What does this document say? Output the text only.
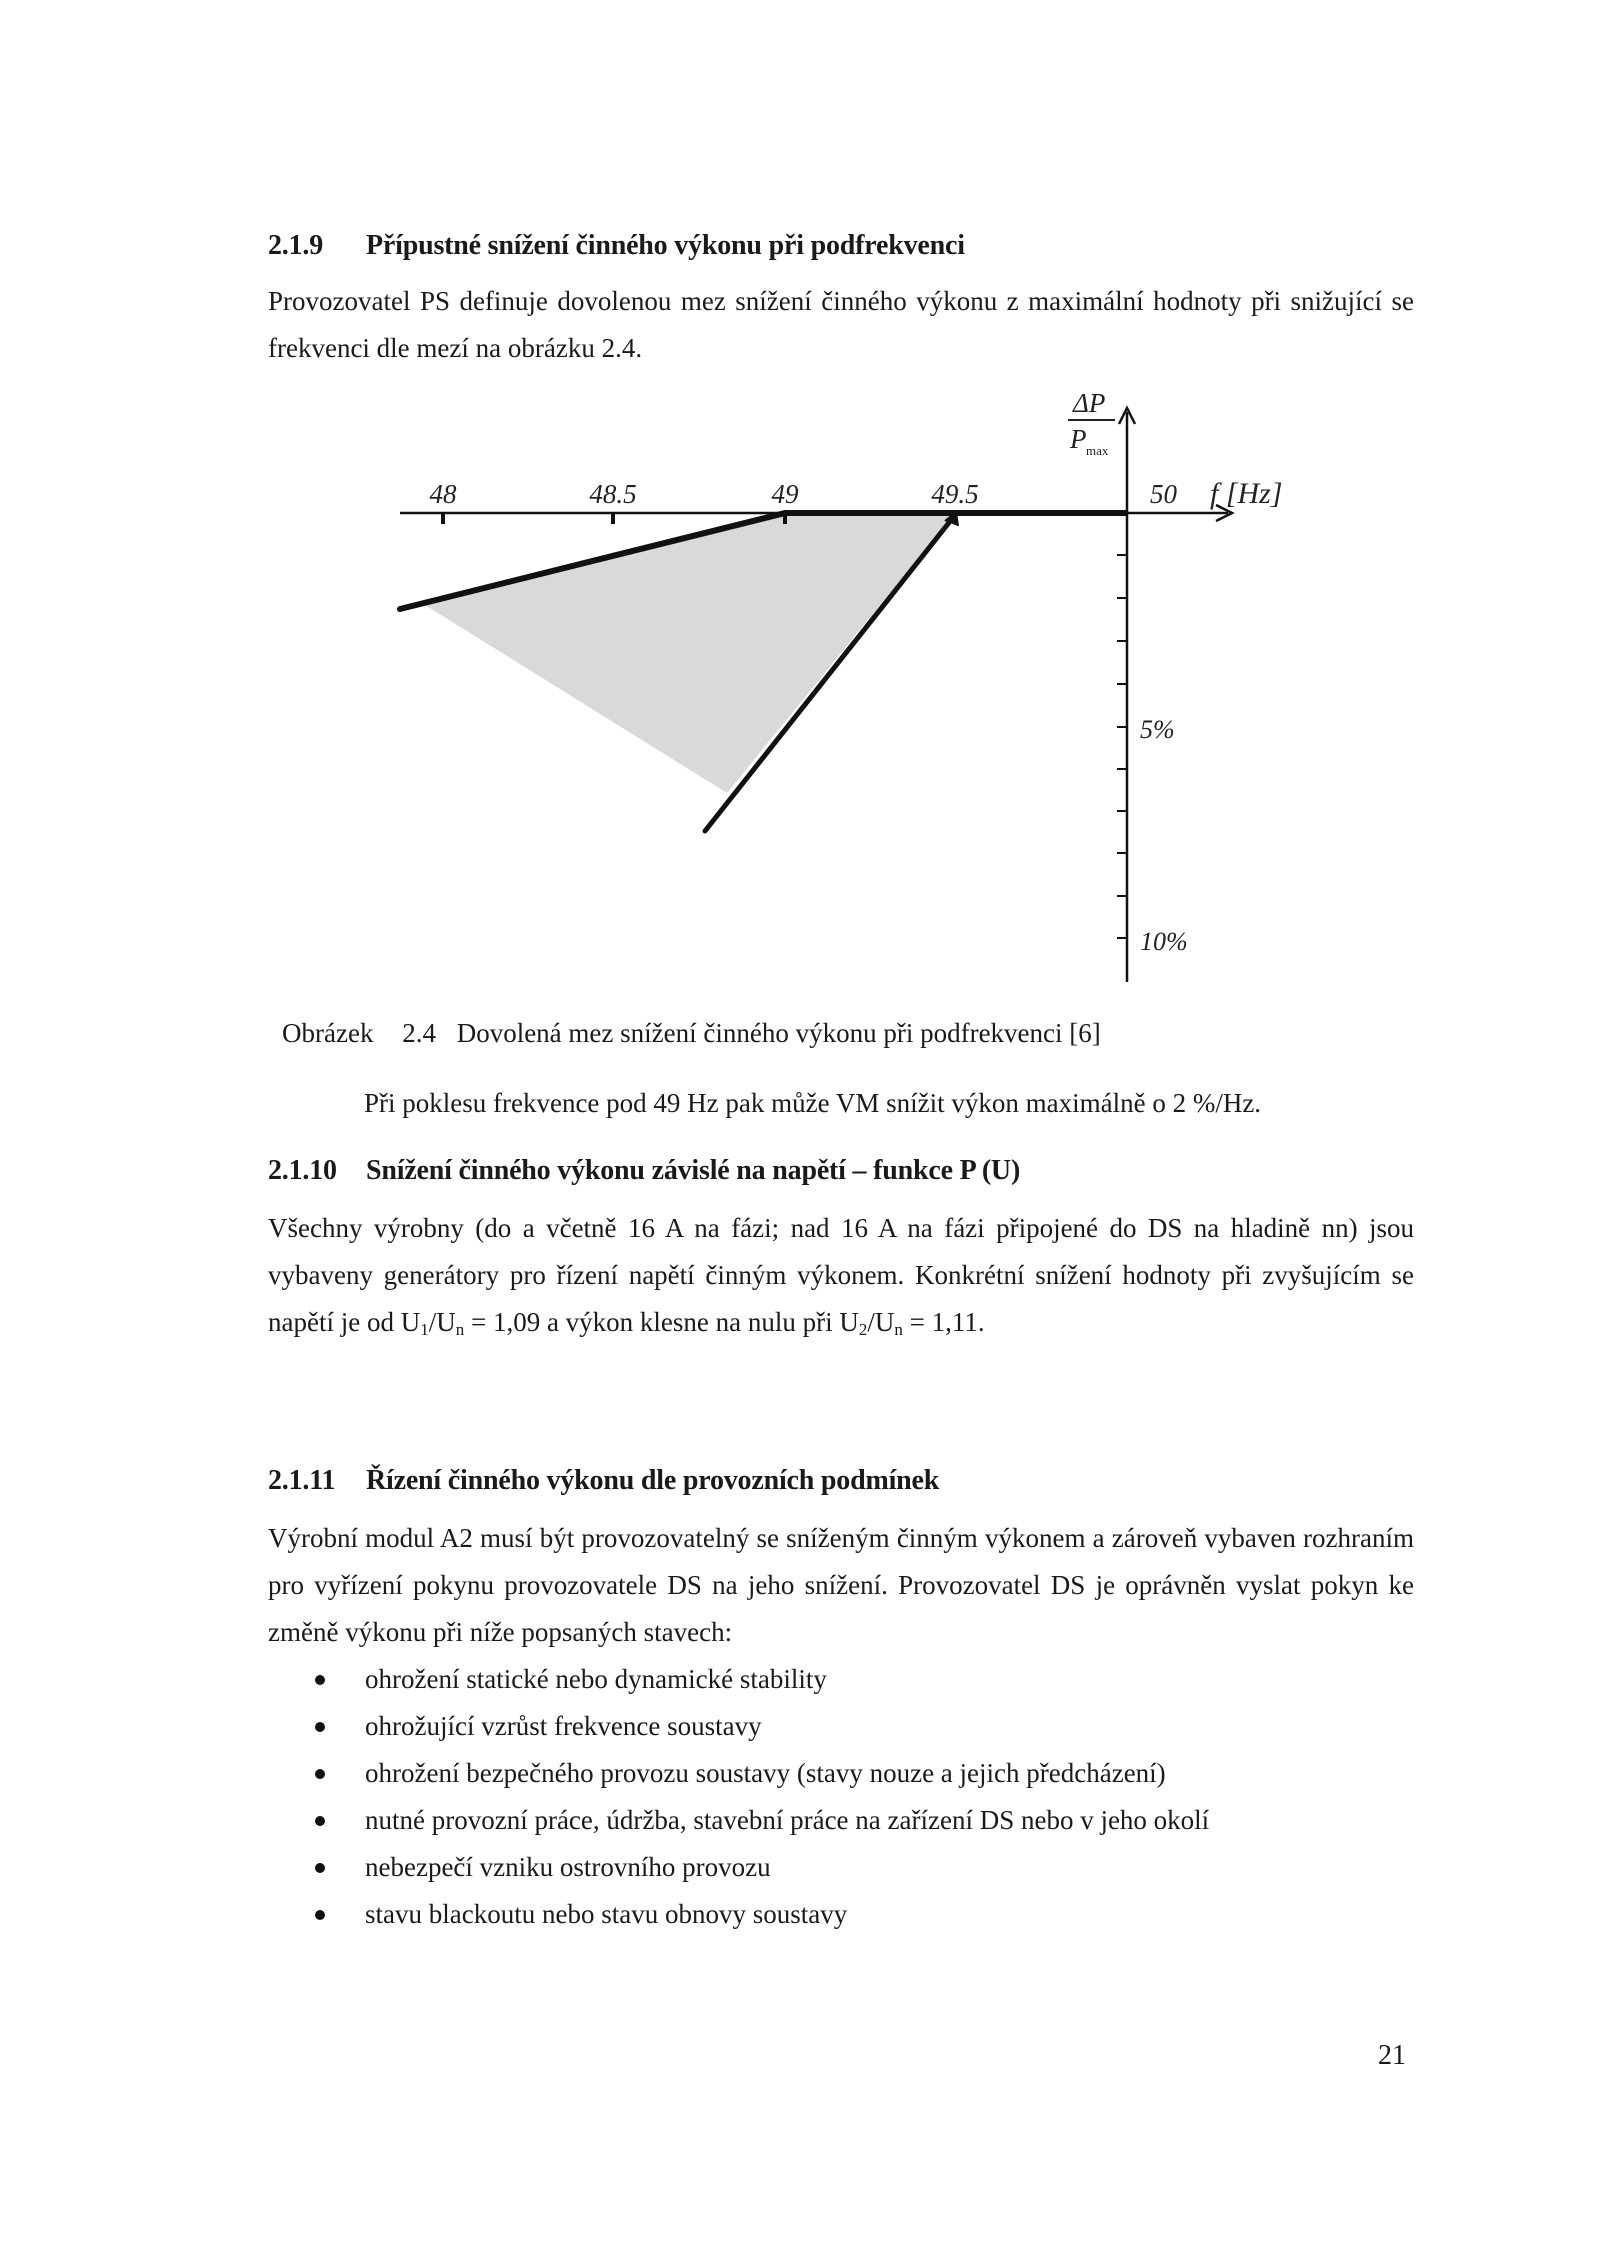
2.1.9 Přípustné snížení činného výkonu při podfrekvenci
Provozovatel PS definuje dovolenou mez snížení činného výkonu z maximální hodnoty při snižující se frekvenci dle mezí na obrázku 2.4.
48	48.5	49	49.5	50 f [Hz]
5%
10%
ΔP
P max
Obrázek 2.4 Dovolená mez snížení činného výkonu při podfrekvenci [6]
Při poklesu frekvence pod 49 Hz pak může VM snížit výkon maximálně o 2 %/Hz.
2.1.10 Snížení činného výkonu závislé na napětí – funkce P (U)
Všechny výrobny (do a včetně 16 A na fázi; nad 16 A na fázi připojené do DS na hladině nn) jsou vybaveny generátory pro řízení napětí činným výkonem. Konkrétní snížení hodnoty při zvyšujícím se napětí je od $U_1/U_n = 1,09$ a výkon klesne na nulu při $U_2/U_n = 1,11$.
2.1.11 Řízení činného výkonu dle provozních podmínek
Výrobní modul A2 musí být provozovatelný se sníženým činným výkonem a zároveň vybaven rozhraním pro vyřízení pokynu provozovatele DS na jeho snížení. Provozovatel DS je oprávněn vyslat pokyn ke změně výkonu při níže popsaných stavech:
ohrožení statické nebo dynamické stability
ohrožující vzrůst frekvence soustavy
ohrožení bezpečného provozu soustavy (stavy nouze a jejich předcházení)
nutné provozní práce, údržba, stavební práce na zařízení DS nebo v jeho okolí
nebezpečí vzniku ostrovního provozu
stavu blackoutu nebo stavu obnovy soustavy
21
